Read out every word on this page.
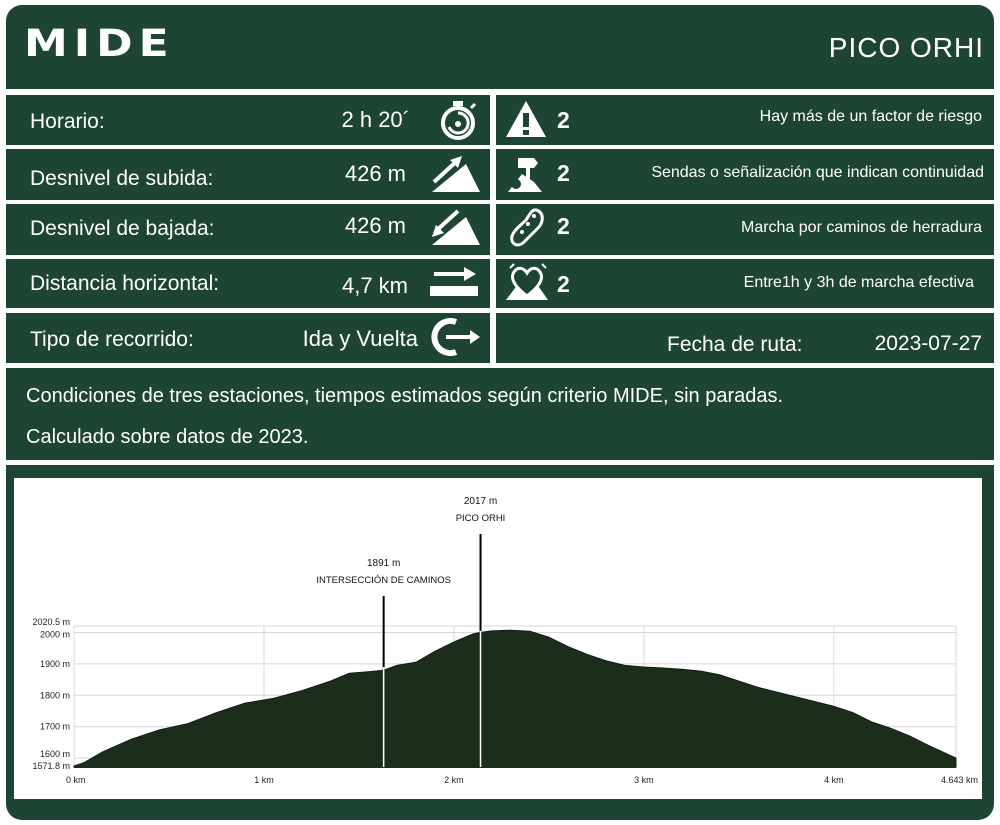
MIDE	PICO ORHI
Horario:	2 h 20´
Desnivel de subida:	426 m
Desnivel de bajada:	426 m
Distancia horizontal:	4,7 km
Tipo de recorrido:	Ida y Vuelta
2	Hay más de un factor de riesgo
2	Sendas o señalización que indican continuidad
2	Marcha por caminos de herradura
2	Entre1h y 3h de marcha efectiva
Fecha de ruta:	2023-07-27
Condiciones de tres estaciones, tiempos estimados según criterio MIDE, sin paradas.
Calculado sobre datos de 2023.
1571.8 m
1600 m
1700 m
1800 m
1900 m
2000 m
2020.5 m
0 km	1 km	2 km	3 km	4 km	4.643 km
1891 m
INTERSECCIÓN DE CAMINOS
2017 m
PICO ORHI
